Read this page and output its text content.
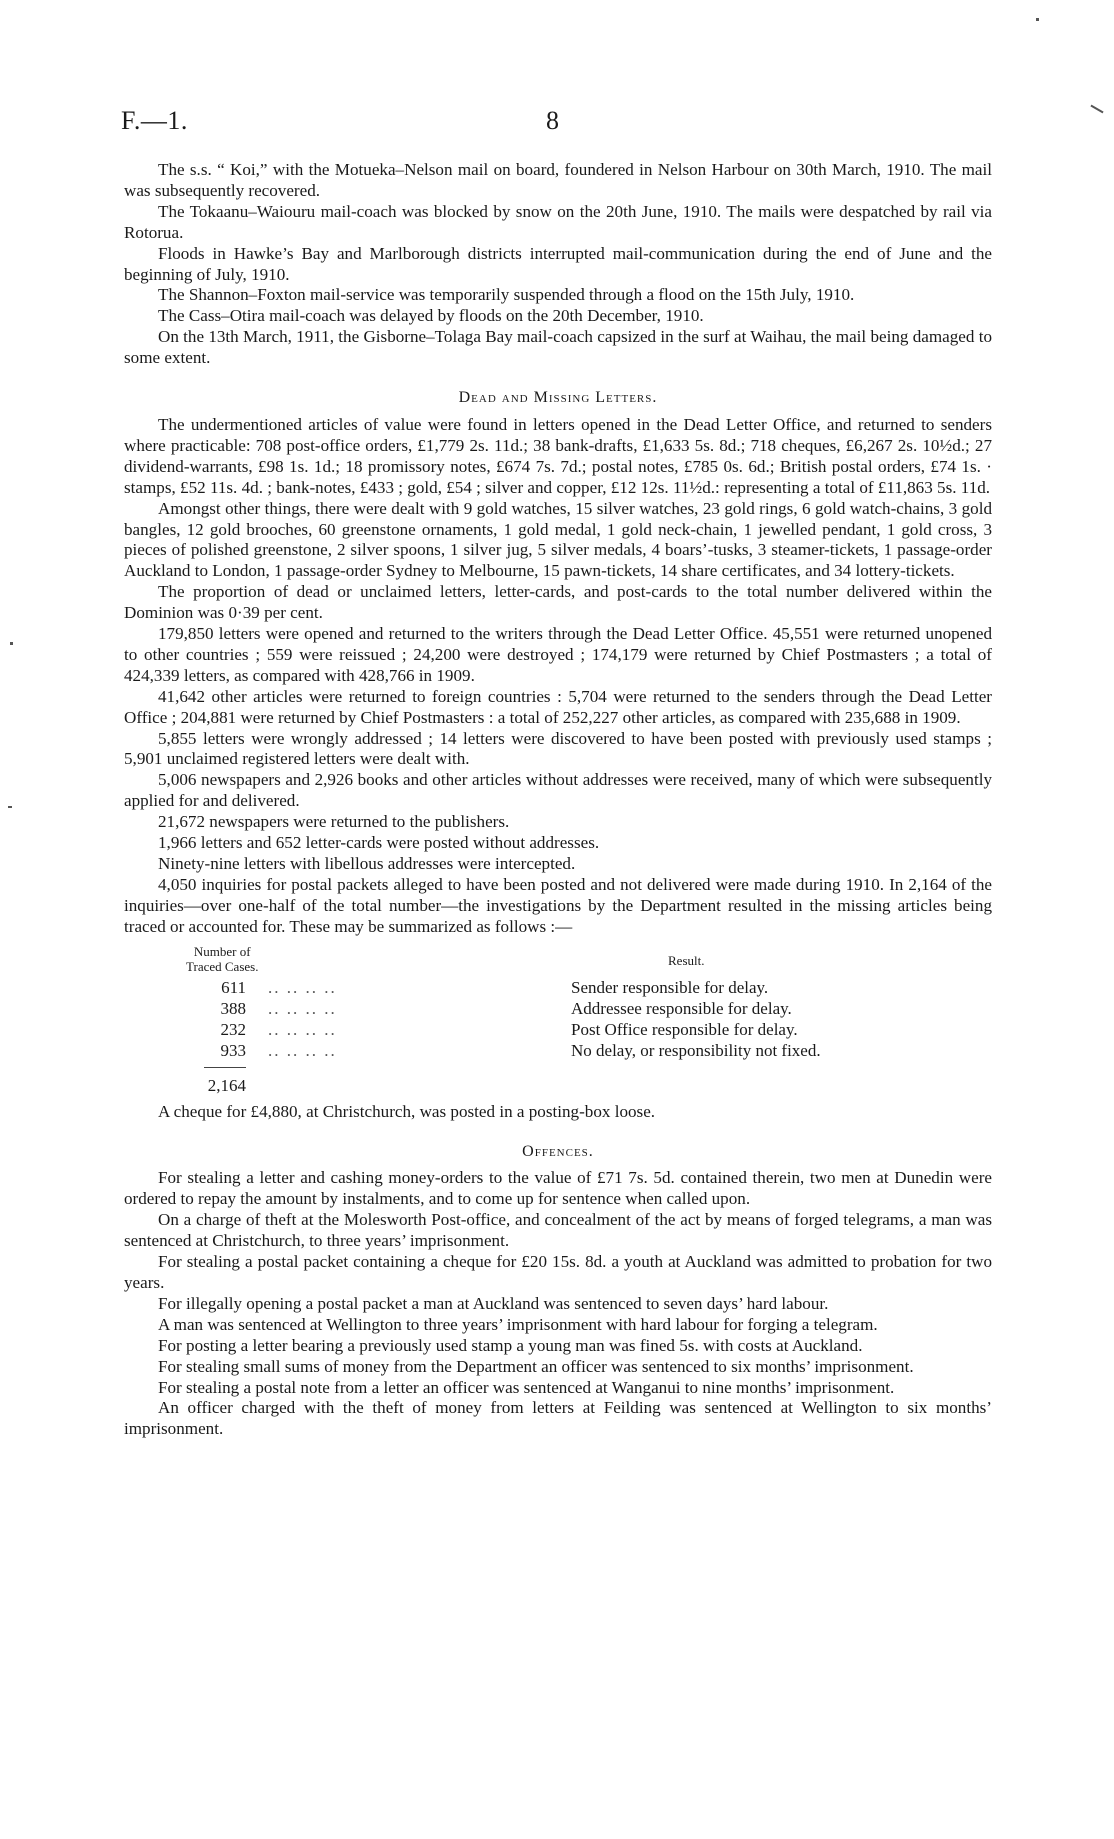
F.—1.	8

The s.s. “ Koi,” with the Motueka–Nelson mail on board, foundered in Nelson Harbour on 30th March, 1910. The mail was subsequently recovered.

The Tokaanu–Waiouru mail-coach was blocked by snow on the 20th June, 1910. The mails were despatched by rail via Rotorua.

Floods in Hawke’s Bay and Marlborough districts interrupted mail-communication during the end of June and the beginning of July, 1910.

The Shannon–Foxton mail-service was temporarily suspended through a flood on the 15th July, 1910.

The Cass–Otira mail-coach was delayed by floods on the 20th December, 1910.

On the 13th March, 1911, the Gisborne–Tolaga Bay mail-coach capsized in the surf at Waihau, the mail being damaged to some extent.

Dead and Missing Letters.

The undermentioned articles of value were found in letters opened in the Dead Letter Office, and returned to senders where practicable: 708 post-office orders, £1,779 2s. 11d.; 38 bank-drafts, £1,633 5s. 8d.; 718 cheques, £6,267 2s. 10½d.; 27 dividend-warrants, £98 1s. 1d.; 18 promissory notes, £674 7s. 7d.; postal notes, £785 0s. 6d.; British postal orders, £74 1s. · stamps, £52 11s. 4d. ; bank-notes, £433 ; gold, £54 ; silver and copper, £12 12s. 11½d.: representing a total of £11,863 5s. 11d.

Amongst other things, there were dealt with 9 gold watches, 15 silver watches, 23 gold rings, 6 gold watch-chains, 3 gold bangles, 12 gold brooches, 60 greenstone ornaments, 1 gold medal, 1 gold neck-chain, 1 jewelled pendant, 1 gold cross, 3 pieces of polished greenstone, 2 silver spoons, 1 silver jug, 5 silver medals, 4 boars’-tusks, 3 steamer-tickets, 1 passage-order Auckland to London, 1 passage-order Sydney to Melbourne, 15 pawn-tickets, 14 share certificates, and 34 lottery-tickets.

The proportion of dead or unclaimed letters, letter-cards, and post-cards to the total number delivered within the Dominion was 0·39 per cent.

179,850 letters were opened and returned to the writers through the Dead Letter Office. 45,551 were returned unopened to other countries ; 559 were reissued ; 24,200 were destroyed ; 174,179 were returned by Chief Postmasters ; a total of 424,339 letters, as compared with 428,766 in 1909.

41,642 other articles were returned to foreign countries : 5,704 were returned to the senders through the Dead Letter Office ; 204,881 were returned by Chief Postmasters : a total of 252,227 other articles, as compared with 235,688 in 1909.

5,855 letters were wrongly addressed ; 14 letters were discovered to have been posted with previously used stamps ; 5,901 unclaimed registered letters were dealt with.

5,006 newspapers and 2,926 books and other articles without addresses were received, many of which were subsequently applied for and delivered.

21,672 newspapers were returned to the publishers.

1,966 letters and 652 letter-cards were posted without addresses.

Ninety-nine letters with libellous addresses were intercepted.

4,050 inquiries for postal packets alleged to have been posted and not delivered were made during 1910. In 2,164 of the inquiries—over one-half of the total number—the investigations by the Department resulted in the missing articles being traced or accounted for. These may be summarized as follows :—

Number of
Traced Cases.	Result.
611 .. .. .. ..	Sender responsible for delay.
388 .. .. .. ..	Addressee responsible for delay.
232 .. .. .. ..	Post Office responsible for delay.
933 .. .. .. ..	No delay, or responsibility not fixed.
2,164

A cheque for £4,880, at Christchurch, was posted in a posting-box loose.

Offences.

For stealing a letter and cashing money-orders to the value of £71 7s. 5d. contained therein, two men at Dunedin were ordered to repay the amount by instalments, and to come up for sentence when called upon.

On a charge of theft at the Molesworth Post-office, and concealment of the act by means of forged telegrams, a man was sentenced at Christchurch, to three years’ imprisonment.

For stealing a postal packet containing a cheque for £20 15s. 8d. a youth at Auckland was admitted to probation for two years.

For illegally opening a postal packet a man at Auckland was sentenced to seven days’ hard labour.

A man was sentenced at Wellington to three years’ imprisonment with hard labour for forging a telegram.

For posting a letter bearing a previously used stamp a young man was fined 5s. with costs at Auckland.

For stealing small sums of money from the Department an officer was sentenced to six months’ imprisonment.

For stealing a postal note from a letter an officer was sentenced at Wanganui to nine months’ imprisonment.

An officer charged with the theft of money from letters at Feilding was sentenced at Wellington to six months’ imprisonment.
